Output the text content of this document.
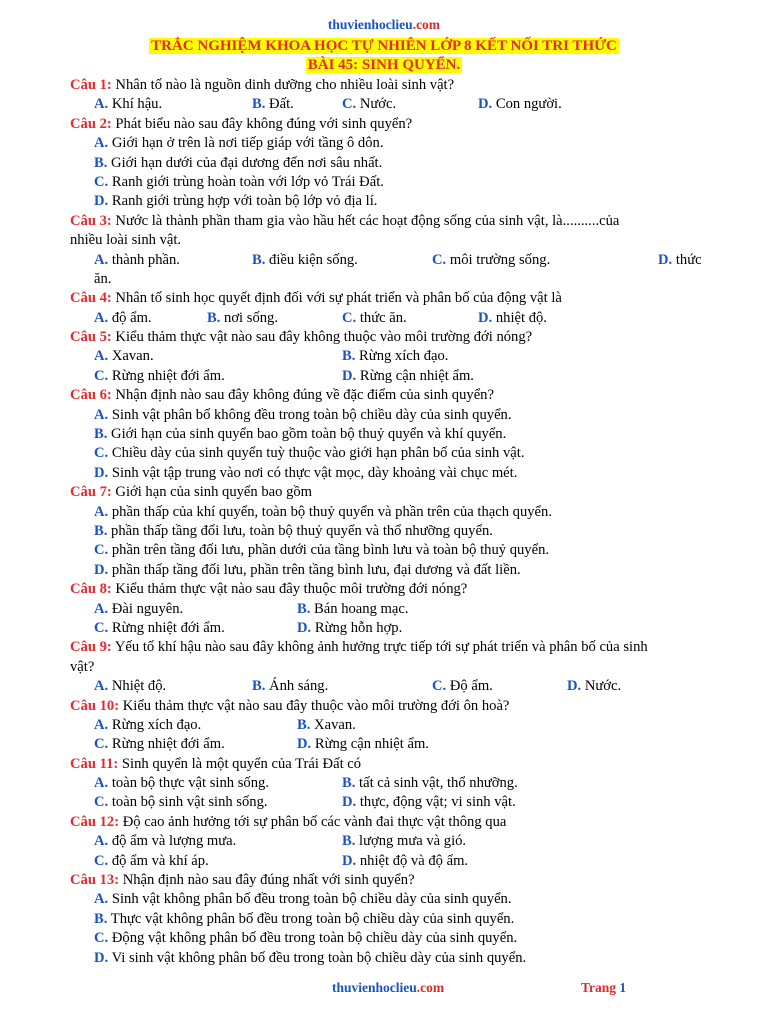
thuvienhoclieu.com
TRẮC NGHIỆM KHOA HỌC TỰ NHIÊN LỚP 8 KẾT NỐI TRI THỨC
BÀI 45: SINH QUYỂN.
Câu 1: Nhân tố nào là nguồn dinh dưỡng cho nhiều loài sinh vật?
A. Khí hậu.	B. Đất.	C. Nước.	D. Con người.
Câu 2: Phát biểu nào sau đây không đúng với sinh quyển?
A. Giới hạn ở trên là nơi tiếp giáp với tầng ô dôn.
B. Giới hạn dưới của đại dương đến nơi sâu nhất.
C. Ranh giới trùng hoàn toàn với lớp vỏ Trái Đất.
D. Ranh giới trùng hợp với toàn bộ lớp vỏ địa lí.
Câu 3: Nước là thành phần tham gia vào hầu hết các hoạt động sống của sinh vật, là..........của
nhiều loài sinh vật.
A. thành phần.	B. điều kiện sống.	C. môi trường sống.	D. thức
ăn.
Câu 4: Nhân tố sinh học quyết định đối với sự phát triển và phân bố của động vật là
A. độ ẩm.	B. nơi sống.	C. thức ăn.	D. nhiệt độ.
Câu 5: Kiểu thảm thực vật nào sau đây không thuộc vào môi trường đới nóng?
A. Xavan.	B. Rừng xích đạo.
C. Rừng nhiệt đới ẩm.	D. Rừng cận nhiệt ẩm.
Câu 6: Nhận định nào sau đây không đúng về đặc điểm của sinh quyển?
A. Sinh vật phân bố không đều trong toàn bộ chiều dày của sinh quyển.
B. Giới hạn của sinh quyển bao gồm toàn bộ thuỷ quyển và khí quyển.
C. Chiều dày của sinh quyển tuỳ thuộc vào giới hạn phân bố của sinh vật.
D. Sinh vật tập trung vào nơi có thực vật mọc, dày khoảng vài chục mét.
Câu 7: Giới hạn của sinh quyển bao gồm
A. phần thấp của khí quyển, toàn bộ thuỷ quyển và phần trên của thạch quyển.
B. phần thấp tầng đối lưu, toàn bộ thuỷ quyển và thổ nhưỡng quyển.
C. phần trên tầng đối lưu, phần dưới của tầng bình lưu và toàn bộ thuỷ quyển.
D. phần thấp tầng đối lưu, phần trên tầng bình lưu, đại dương và đất liền.
Câu 8: Kiểu thảm thực vật nào sau đây thuộc môi trường đới nóng?
A. Đài nguyên.	B. Bán hoang mạc.
C. Rừng nhiệt đới ẩm.	D. Rừng hỗn hợp.
Câu 9: Yếu tố khí hậu nào sau đây không ảnh hưởng trực tiếp tới sự phát triển và phân bố của sinh
vật?
A. Nhiệt độ.	B. Ánh sáng.	C. Độ ẩm.	D. Nước.
Câu 10: Kiểu thảm thực vật nào sau đây thuộc vào môi trường đới ôn hoà?
A. Rừng xích đạo.	B. Xavan.
C. Rừng nhiệt đới ẩm.	D. Rừng cận nhiệt ẩm.
Câu 11: Sinh quyển là một quyển của Trái Đất có
A. toàn bộ thực vật sinh sống.	B. tất cả sinh vật, thổ nhưỡng.
C. toàn bộ sinh vật sinh sống.	D. thực, động vật; vi sinh vật.
Câu 12: Độ cao ảnh hưởng tới sự phân bố các vành đai thực vật thông qua
A. độ ẩm và lượng mưa.	B. lượng mưa và gió.
C. độ ẩm và khí áp.	D. nhiệt độ và độ ẩm.
Câu 13: Nhận định nào sau đây đúng nhất với sinh quyển?
A. Sinh vật không phân bố đều trong toàn bộ chiều dày của sinh quyển.
B. Thực vật không phân bố đều trong toàn bộ chiều dày của sinh quyển.
C. Động vật không phân bố đều trong toàn bộ chiều dày của sinh quyển.
D. Vi sinh vật không phân bố đều trong toàn bộ chiều dày của sinh quyển.
thuvienhoclieu.com	Trang 1
